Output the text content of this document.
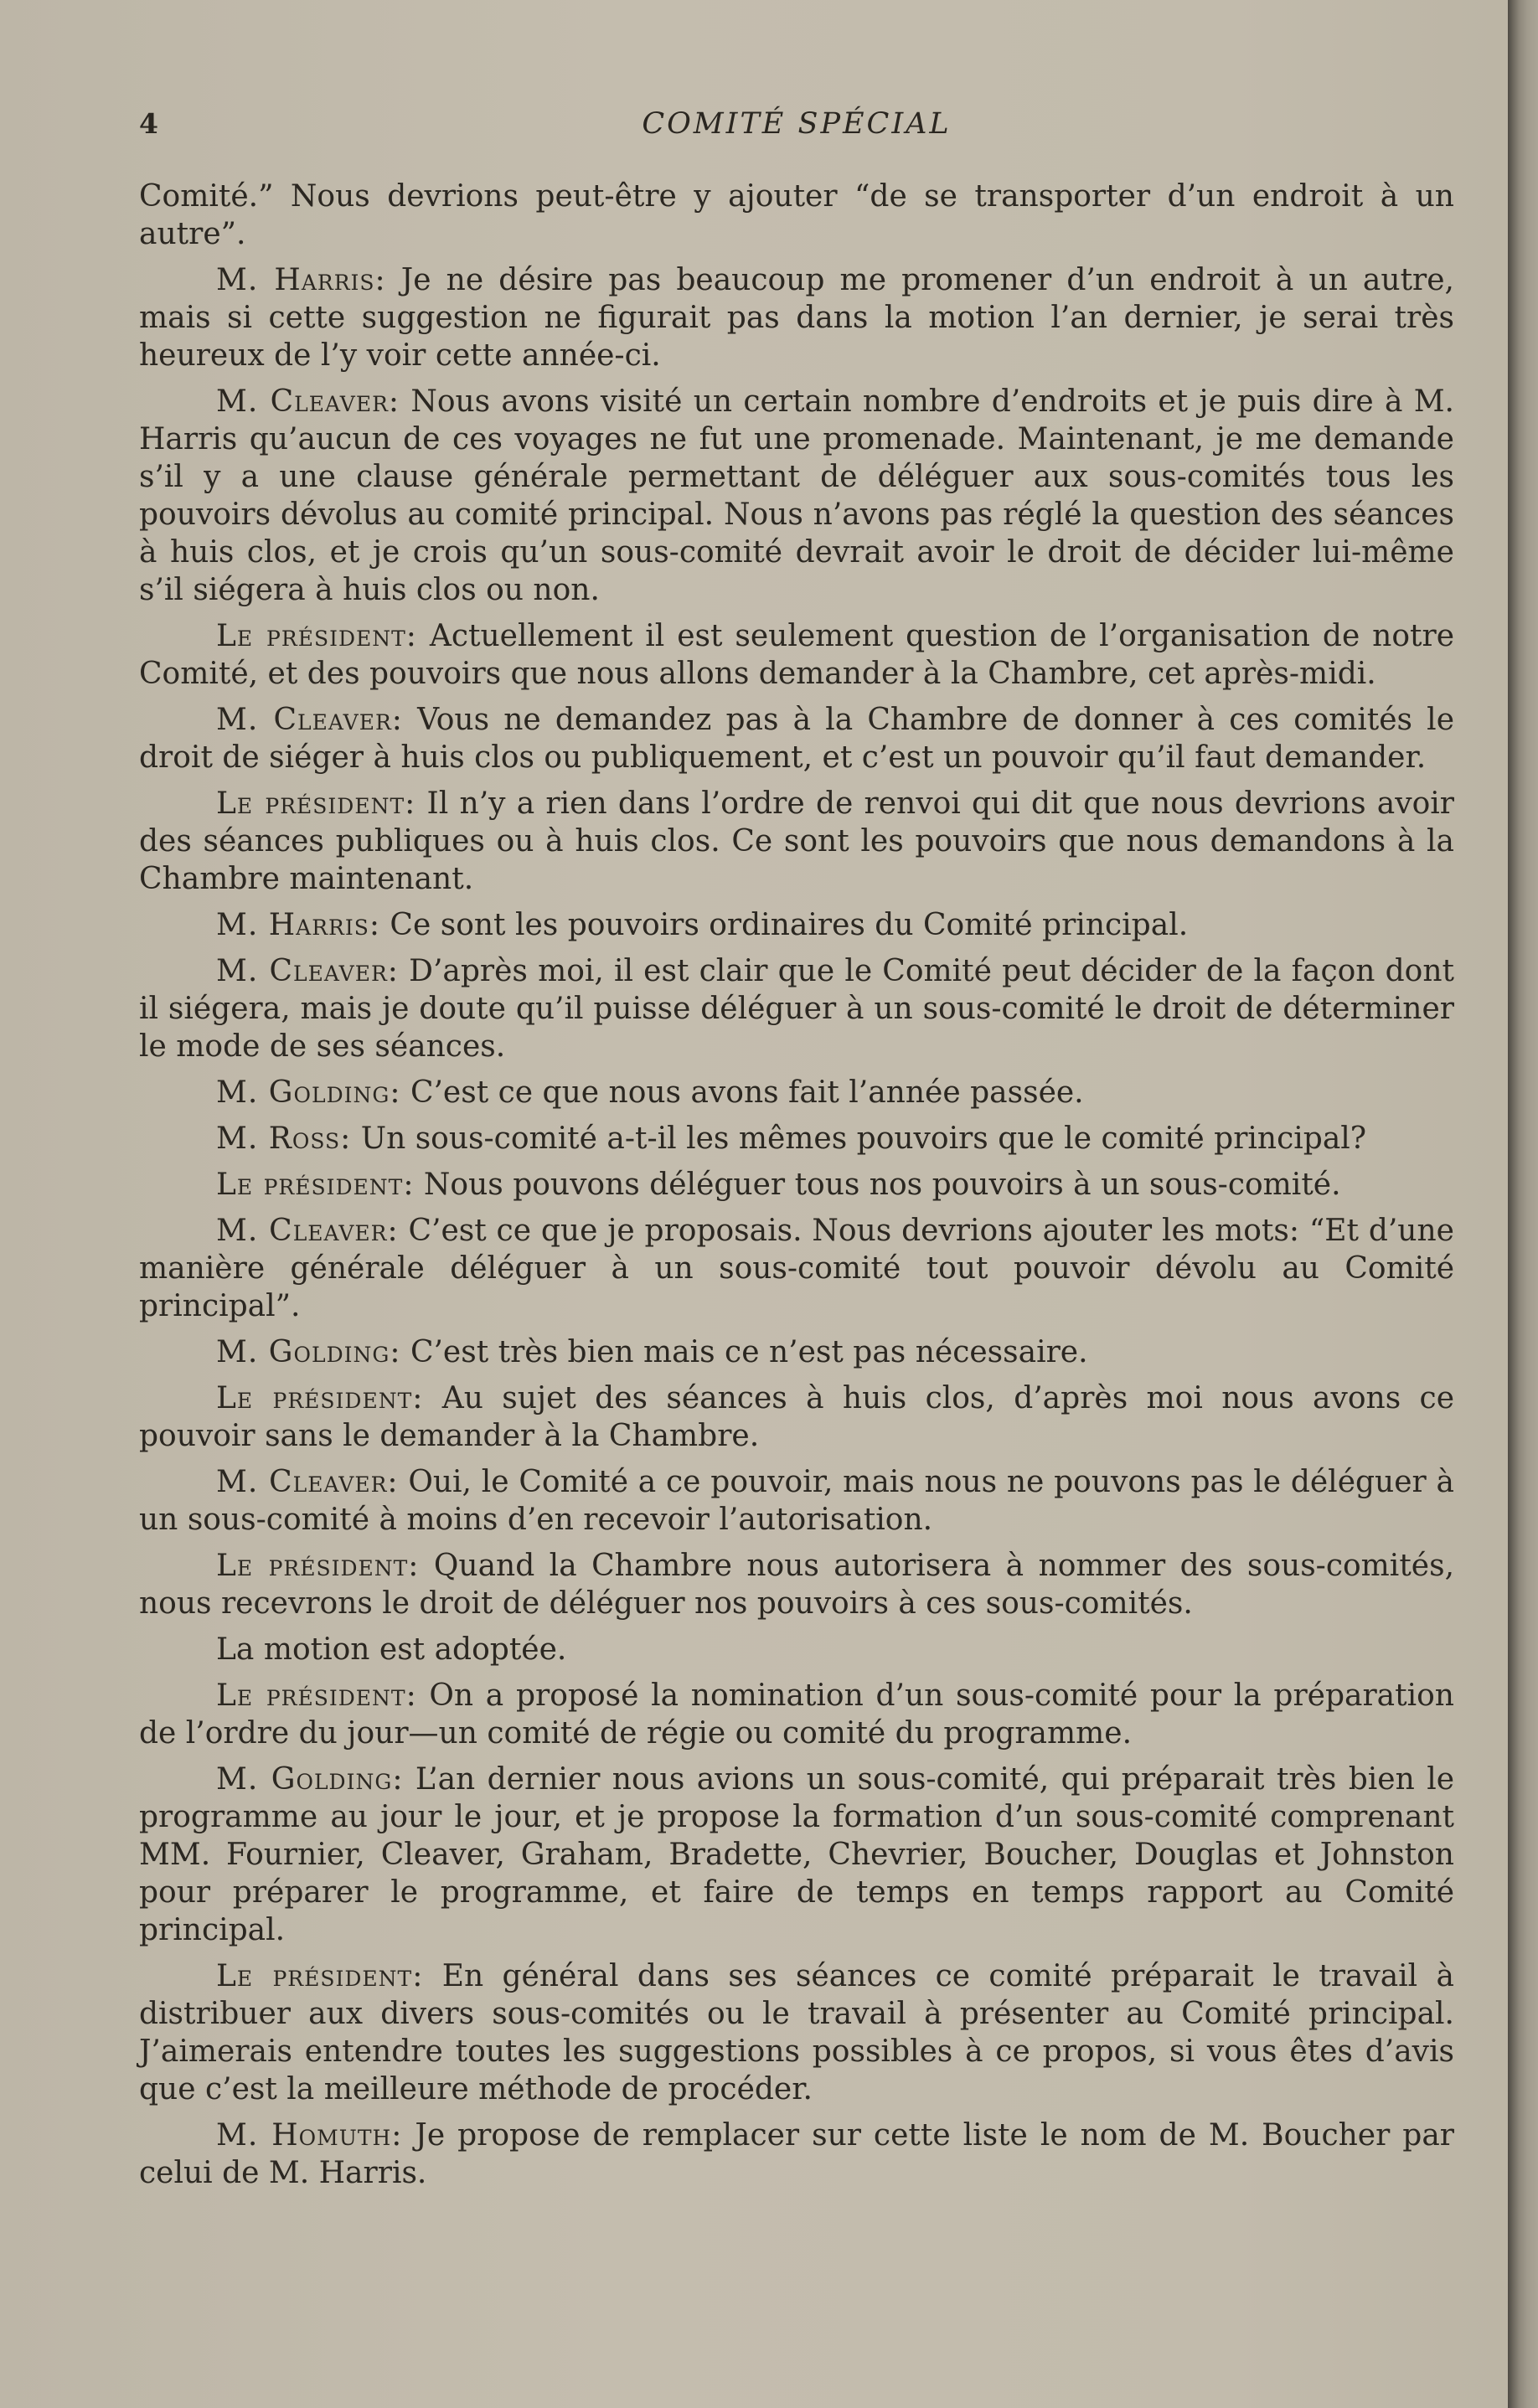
4	COMITÉ SPÉCIAL

Comité.” Nous devrions peut-être y ajouter “de se transporter d’un endroit à un autre”.

M. Harris: Je ne désire pas beaucoup me promener d’un endroit à un autre, mais si cette suggestion ne figurait pas dans la motion l’an dernier, je serai très heureux de l’y voir cette année-ci.

M. Cleaver: Nous avons visité un certain nombre d’endroits et je puis dire à M. Harris qu’aucun de ces voyages ne fut une promenade. Maintenant, je me demande s’il y a une clause générale permettant de déléguer aux sous-comités tous les pouvoirs dévolus au comité principal. Nous n’avons pas réglé la question des séances à huis clos, et je crois qu’un sous-comité devrait avoir le droit de décider lui-même s’il siégera à huis clos ou non.

Le président: Actuellement il est seulement question de l’organisation de notre Comité, et des pouvoirs que nous allons demander à la Chambre, cet après-midi.

M. Cleaver: Vous ne demandez pas à la Chambre de donner à ces comités le droit de siéger à huis clos ou publiquement, et c’est un pouvoir qu’il faut demander.

Le président: Il n’y a rien dans l’ordre de renvoi qui dit que nous devrions avoir des séances publiques ou à huis clos. Ce sont les pouvoirs que nous demandons à la Chambre maintenant.

M. Harris: Ce sont les pouvoirs ordinaires du Comité principal.

M. Cleaver: D’après moi, il est clair que le Comité peut décider de la façon dont il siégera, mais je doute qu’il puisse déléguer à un sous-comité le droit de déterminer le mode de ses séances.

M. Golding: C’est ce que nous avons fait l’année passée.

M. Ross: Un sous-comité a-t-il les mêmes pouvoirs que le comité principal?

Le président: Nous pouvons déléguer tous nos pouvoirs à un sous-comité.

M. Cleaver: C’est ce que je proposais. Nous devrions ajouter les mots: “Et d’une manière générale déléguer à un sous-comité tout pouvoir dévolu au Comité principal”.

M. Golding: C’est très bien mais ce n’est pas nécessaire.

Le président: Au sujet des séances à huis clos, d’après moi nous avons ce pouvoir sans le demander à la Chambre.

M. Cleaver: Oui, le Comité a ce pouvoir, mais nous ne pouvons pas le déléguer à un sous-comité à moins d’en recevoir l’autorisation.

Le président: Quand la Chambre nous autorisera à nommer des sous-comités, nous recevrons le droit de déléguer nos pouvoirs à ces sous-comités.

La motion est adoptée.

Le président: On a proposé la nomination d’un sous-comité pour la préparation de l’ordre du jour—un comité de régie ou comité du programme.

M. Golding: L’an dernier nous avions un sous-comité, qui préparait très bien le programme au jour le jour, et je propose la formation d’un sous-comité comprenant MM. Fournier, Cleaver, Graham, Bradette, Chevrier, Boucher, Douglas et Johnston pour préparer le programme, et faire de temps en temps rapport au Comité principal.

Le président: En général dans ses séances ce comité préparait le travail à distribuer aux divers sous-comités ou le travail à présenter au Comité principal. J’aimerais entendre toutes les suggestions possibles à ce propos, si vous êtes d’avis que c’est la meilleure méthode de procéder.

M. Homuth: Je propose de remplacer sur cette liste le nom de M. Boucher par celui de M. Harris.
